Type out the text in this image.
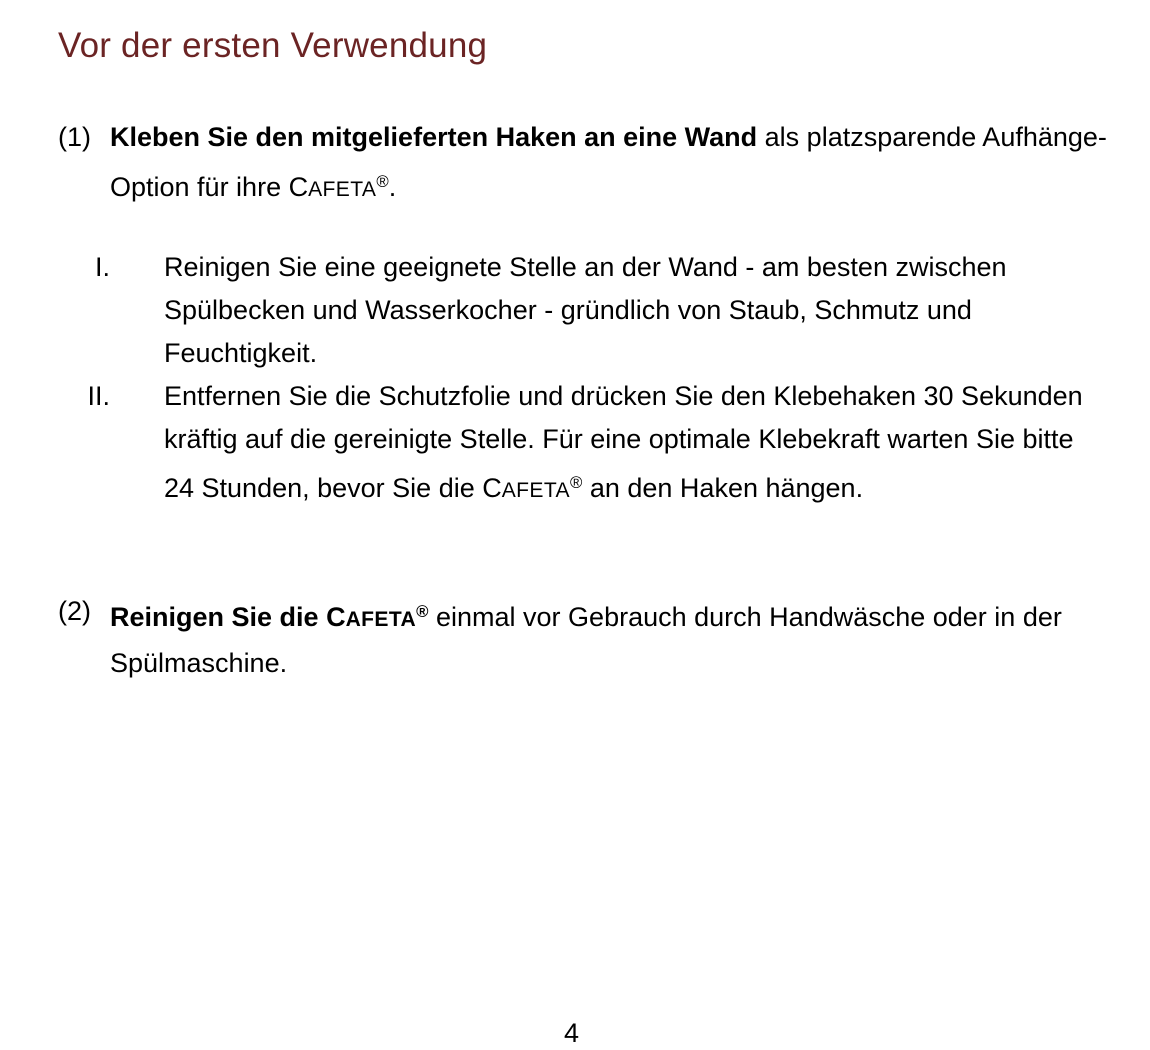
Vor der ersten Verwendung
(1) Kleben Sie den mitgelieferten Haken an eine Wand als platzsparende Aufhänge-Option für ihre CAFETA®.
I. Reinigen Sie eine geeignete Stelle an der Wand - am besten zwischen Spülbecken und Wasserkocher - gründlich von Staub, Schmutz und Feuchtigkeit.
II. Entfernen Sie die Schutzfolie und drücken Sie den Klebehaken 30 Sekunden kräftig auf die gereinigte Stelle. Für eine optimale Klebekraft warten Sie bitte 24 Stunden, bevor Sie die CAFETA® an den Haken hängen.
(2) Reinigen Sie die CAFETA® einmal vor Gebrauch durch Handwäsche oder in der Spülmaschine.
4
